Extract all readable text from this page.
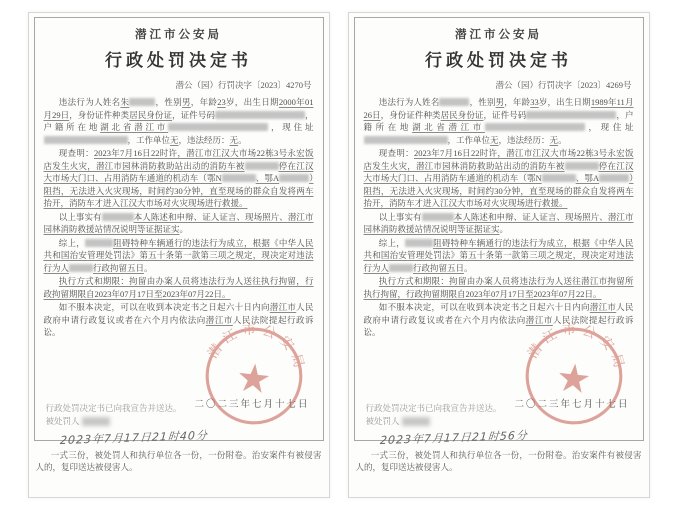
潜江市公安局
行政处罚决定书
潜公（园）行罚决字〔2023〕4270号

违法行为人姓名朱	，性别男，年龄23岁，出生日期2000年01月29日，身份证件种类居民身份证，证件号码	，户籍所在地湖北省潜江市	，现住址，工作单位无，违法经历：无。

现查明：2023年7月16日22时许，潜江市江汉大市场22栋3号永宏饭店发生火灾，潜江市园林消防救助站出动的消防车被	停在江汉大市场大门口、占用消防车通道的机动车（鄂N	、鄂A	）阻挡，无法进入火灾现场，时间约30分钟，直至现场的群众自发将两车抬开，消防车才进入江汉大市场对火灾现场进行救援。

以上事实有	本人陈述和申辩、证人证言、现场照片、潜江市园林消防救援站情况说明等证据证实。

综上，	阻碍特种车辆通行的违法行为成立，根据《中华人民共和国治安管理处罚法》第五十条第一款第三项之规定，现决定对违法行为人	行政拘留五日。

执行方式和期限：拘留由办案人员将违法行为人送往执行拘留，行政拘留期限自2023年07月17日至2023年07月22日。

如不服本决定，可以在收到本决定书之日起六十日内向潜江市人民政府申请行政复议或者在六个月内依法向潜江市人民法院提起行政诉讼。

潜江市公安局
二〇二三年七月十七日
行政处罚决定书已向我宣告并送达。
被处罚人
2023年7月17日21时40分
一式三份，被处罚人和执行单位各一份，一份附卷。治安案件有被侵害人的，复印送达被侵害人。
潜江市公安局
行政处罚决定书
潜公（园）行罚决字〔2023〕4269号

违法行为人姓名	，性别男，年龄33岁，出生日期1989年11月26日，身份证件种类居民身份证，证件号码	，户籍所在地湖北省潜江市	，现住址，工作单位无，违法经历：无。

现查明：2023年7月16日22时许，潜江市江汉大市场22栋3号永宏饭店发生火灾，潜江市园林消防救助站出动的消防车被	停在江汉大市场大门口、占用消防车通道的机动车（鄂N	、鄂A	）阻挡，无法进入火灾现场，时间约30分钟，直至现场的群众自发将两车抬开，消防车才进入江汉大市场对火灾现场进行救援。

以上事实有	本人陈述和申辩、证人证言、现场照片、潜江市园林消防救援站情况说明等证据证实。

综上，	阻碍特种车辆通行的违法行为成立，根据《中华人民共和国治安管理处罚法》第五十条第一款第三项之规定，现决定对违法行为人	行政拘留五日。

执行方式和期限：拘留由办案人员将违法行为人送往潜江市拘留所执行拘留，行政拘留期限自2023年07月17日至2023年07月22日。

如不服本决定，可以在收到本决定书之日起六十日内向潜江市人民政府申请行政复议或者在六个月内依法向潜江市人民法院提起行政诉讼。

潜江市公安局
二〇二三年七月十七日
行政处罚决定书已向我宣告并送达。
被处罚人
2023年7月17日21时56分
一式三份，被处罚人和执行单位各一份，一份附卷。治安案件有被侵害人的，复印送达被侵害人。
